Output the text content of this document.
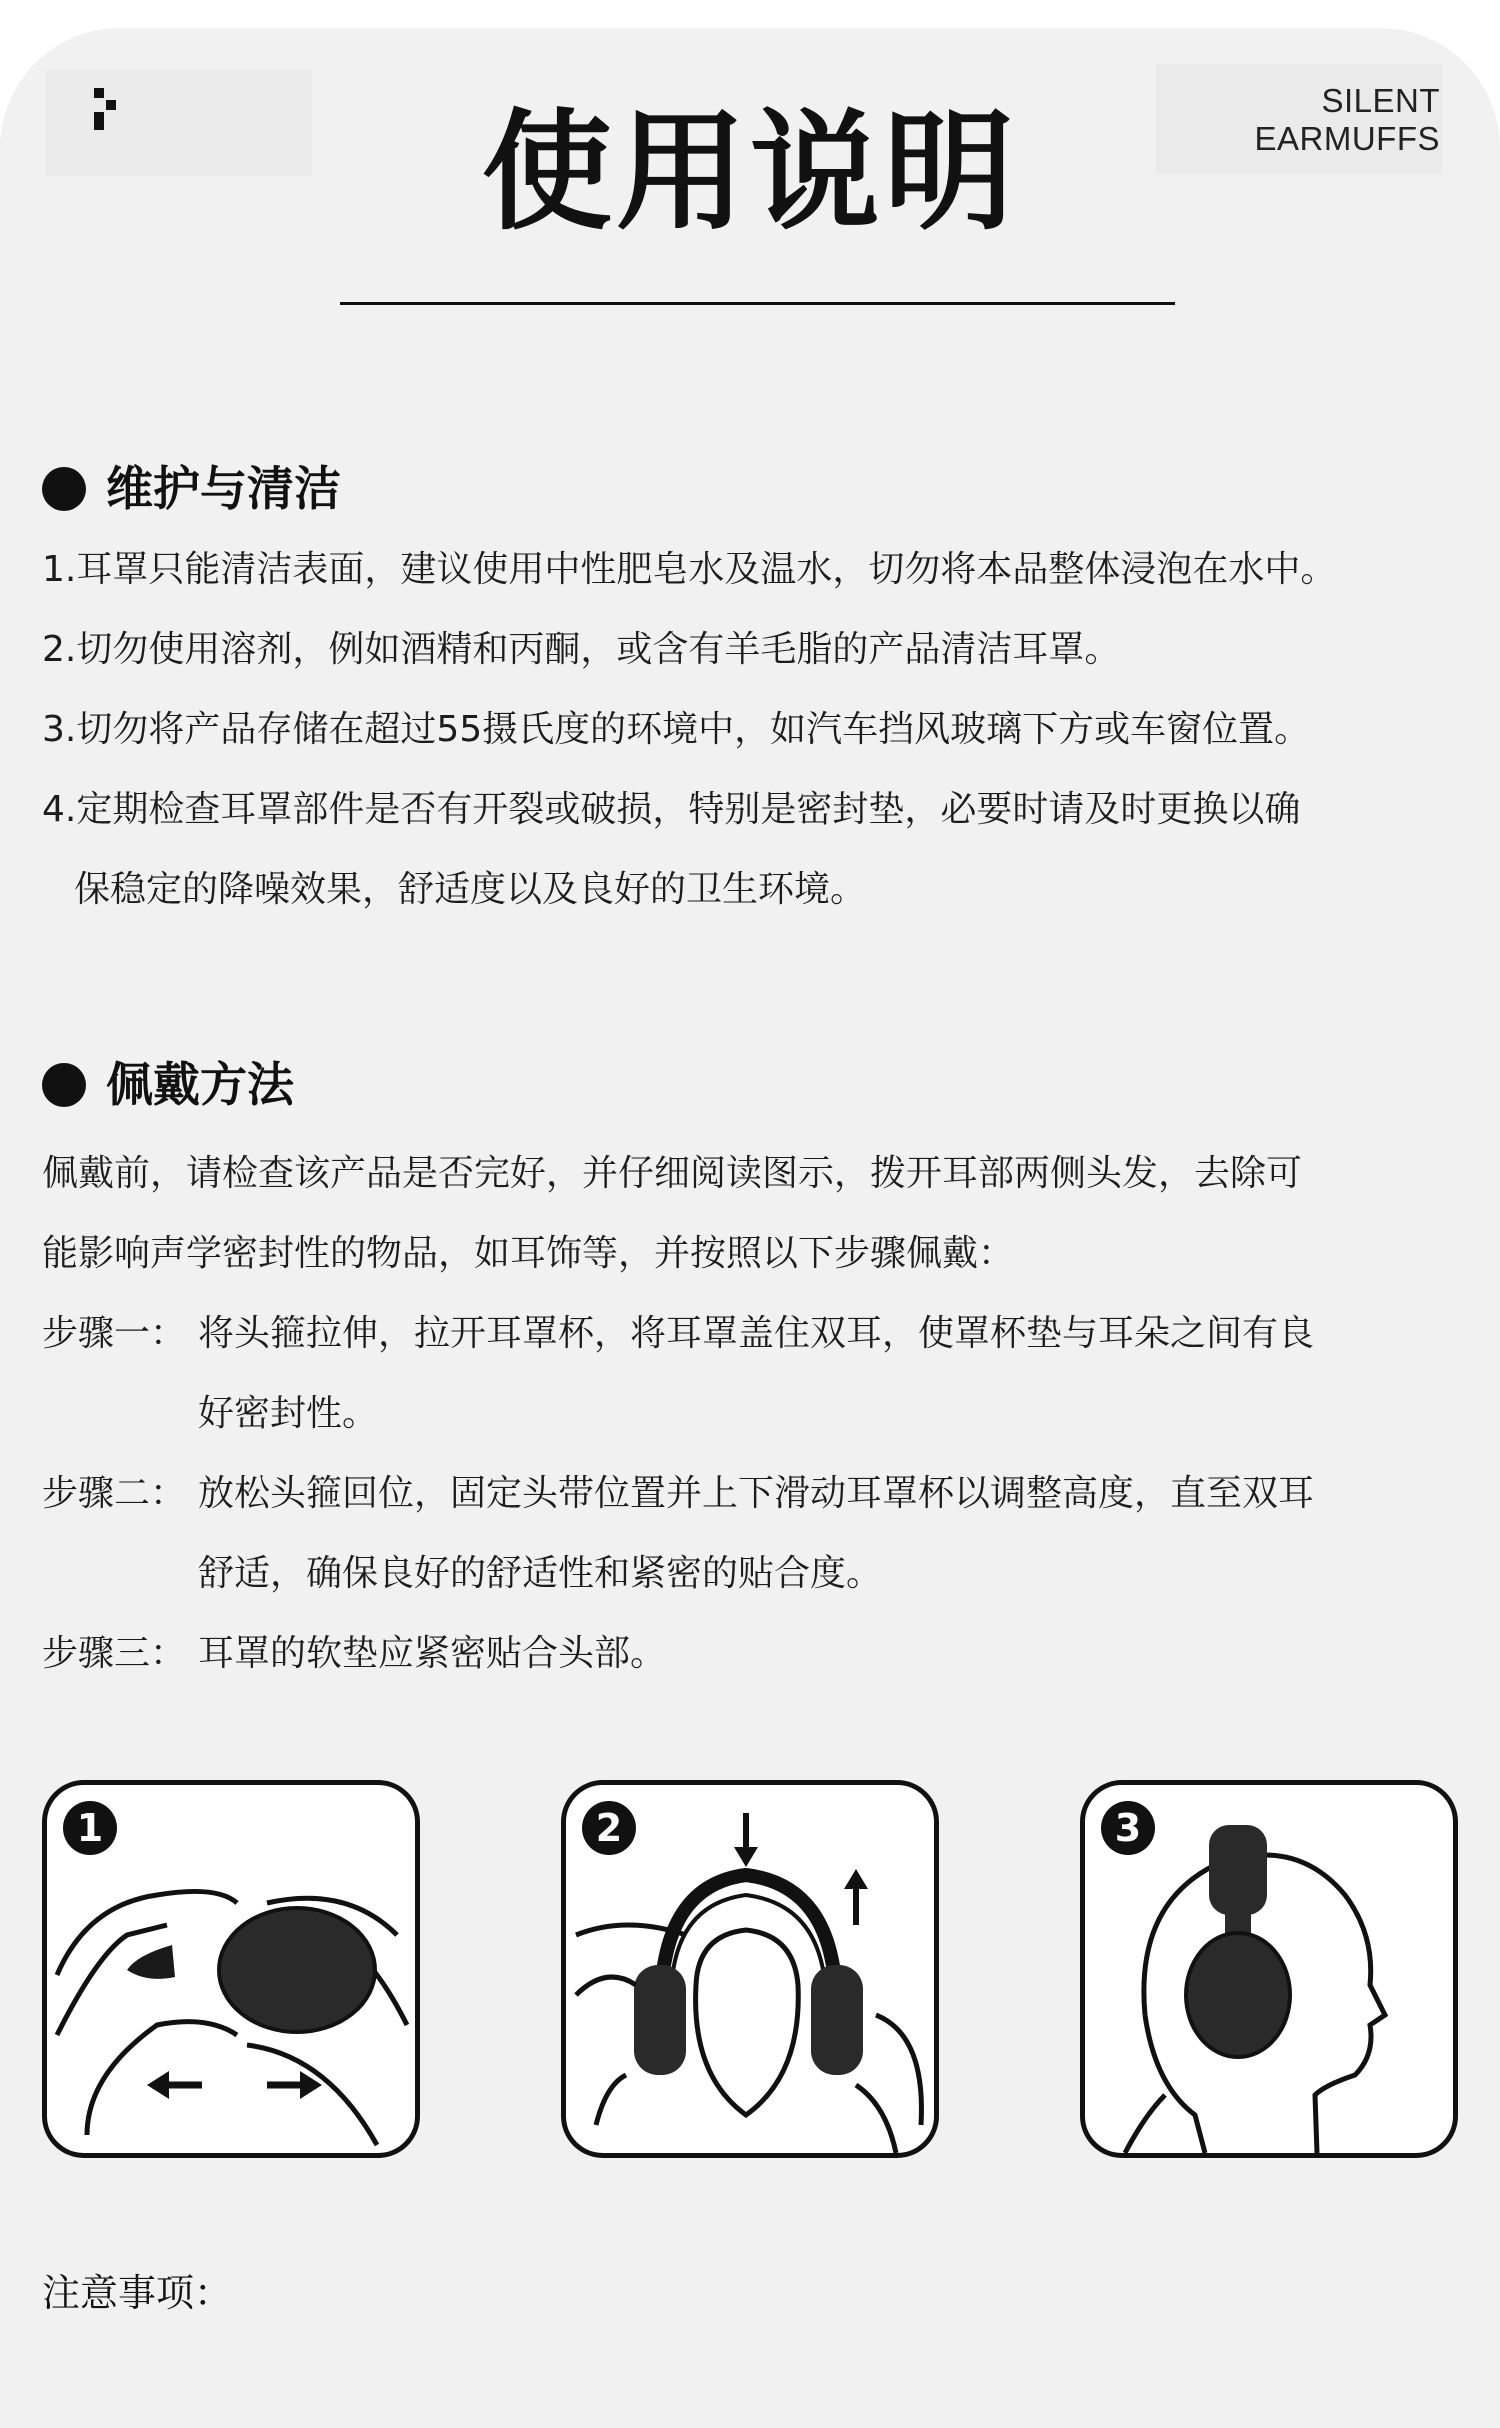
SILENT
EARMUFFS
使用说明
维护与清洁
1.耳罩只能清洁表面，建议使用中性肥皂水及温水，切勿将本品整体浸泡在水中。
2.切勿使用溶剂，例如酒精和丙酮，或含有羊毛脂的产品清洁耳罩。
3.切勿将产品存储在超过55摄氏度的环境中，如汽车挡风玻璃下方或车窗位置。
4.定期检查耳罩部件是否有开裂或破损，特别是密封垫，必要时请及时更换以确
保稳定的降噪效果，舒适度以及良好的卫生环境。
佩戴方法
佩戴前，请检查该产品是否完好，并仔细阅读图示，拨开耳部两侧头发，去除可
能影响声学密封性的物品，如耳饰等，并按照以下步骤佩戴：
步骤一： 将头箍拉伸，拉开耳罩杯，将耳罩盖住双耳，使罩杯垫与耳朵之间有良
好密封性。
步骤二： 放松头箍回位，固定头带位置并上下滑动耳罩杯以调整高度，直至双耳
舒适，确保良好的舒适性和紧密的贴合度。
步骤三： 耳罩的软垫应紧密贴合头部。
1	2	3
注意事项：
